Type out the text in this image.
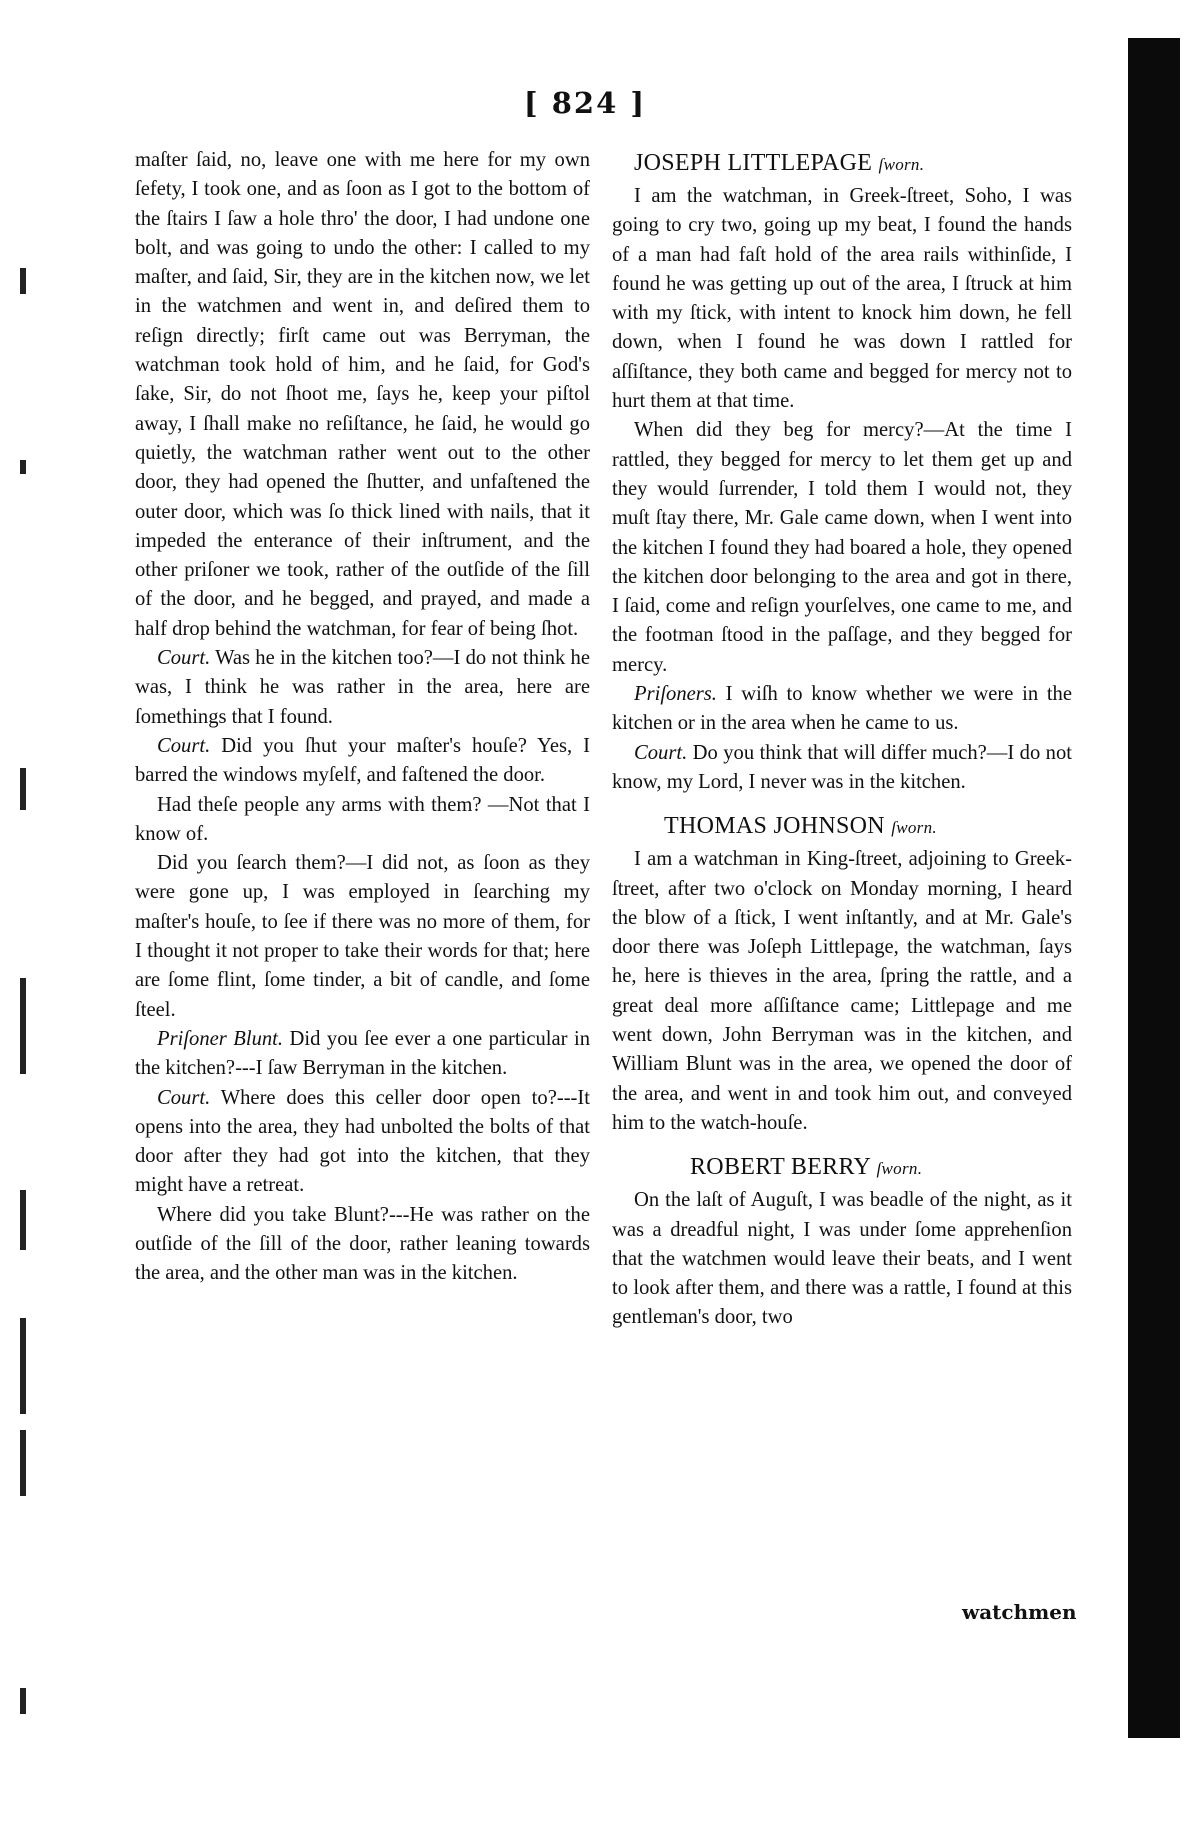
[ 824 ]

maſter ſaid, no, leave one with me here for my own ſefety, I took one, and as ſoon as I got to the bottom of the ſtairs I ſaw a hole thro' the door, I had undone one bolt, and was going to undo the other: I called to my maſter, and ſaid, Sir, they are in the kitchen now, we let in the watchmen and went in, and deſired them to reſign directly; firſt came out was Berryman, the watchman took hold of him, and he ſaid, for God's ſake, Sir, do not ſhoot me, ſays he, keep your piſtol away, I ſhall make no reſiſtance, he ſaid, he would go quietly, the watchman rather went out to the other door, they had opened the ſhutter, and unfaſtened the outer door, which was ſo thick lined with nails, that it impeded the enterance of their inſtrument, and the other priſoner we took, rather of the outſide of the ſill of the door, and he begged, and prayed, and made a half drop behind the watchman, for fear of being ſhot.

Court. Was he in the kitchen too?—I do not think he was, I think he was rather in the area, here are ſomethings that I found.

Court. Did you ſhut your maſter's houſe? Yes, I barred the windows myſelf, and faſtened the door.

Had theſe people any arms with them? —Not that I know of.

Did you ſearch them?—I did not, as ſoon as they were gone up, I was employed in ſearching my maſter's houſe, to ſee if there was no more of them, for I thought it not proper to take their words for that; here are ſome flint, ſome tinder, a bit of candle, and ſome ſteel.

Priſoner Blunt. Did you ſee ever a one particular in the kitchen?---I ſaw Berryman in the kitchen.

Court. Where does this celler door open to?---It opens into the area, they had unbolted the bolts of that door after they had got into the kitchen, that they might have a retreat.

Where did you take Blunt?---He was rather on the outſide of the ſill of the door, rather leaning towards the area, and the other man was in the kitchen.

JOSEPH LITTLEPAGE ſworn.

I am the watchman, in Greek-ſtreet, Soho, I was going to cry two, going up my beat, I found the hands of a man had faſt hold of the area rails withinſide, I found he was getting up out of the area, I ſtruck at him with my ſtick, with intent to knock him down, he fell down, when I found he was down I rattled for aſſiſtance, they both came and begged for mercy not to hurt them at that time.

When did they beg for mercy?—At the time I rattled, they begged for mercy to let them get up and they would ſurrender, I told them I would not, they muſt ſtay there, Mr. Gale came down, when I went into the kitchen I found they had boared a hole, they opened the kitchen door belonging to the area and got in there, I ſaid, come and reſign yourſelves, one came to me, and the footman ſtood in the paſſage, and they begged for mercy.

Priſoners. I wiſh to know whether we were in the kitchen or in the area when he came to us.

Court. Do you think that will differ much?—I do not know, my Lord, I never was in the kitchen.

THOMAS JOHNSON ſworn.

I am a watchman in King-ſtreet, adjoining to Greek-ſtreet, after two o'clock on Monday morning, I heard the blow of a ſtick, I went inſtantly, and at Mr. Gale's door there was Joſeph Littlepage, the watchman, ſays he, here is thieves in the area, ſpring the rattle, and a great deal more aſſiſtance came; Littlepage and me went down, John Berryman was in the kitchen, and William Blunt was in the area, we opened the door of the area, and went in and took him out, and conveyed him to the watch-houſe.

ROBERT BERRY ſworn.

On the laſt of Auguſt, I was beadle of the night, as it was a dreadful night, I was under ſome apprehenſion that the watchmen would leave their beats, and I went to look after them, and there was a rattle, I found at this gentleman's door, two

watchmen
